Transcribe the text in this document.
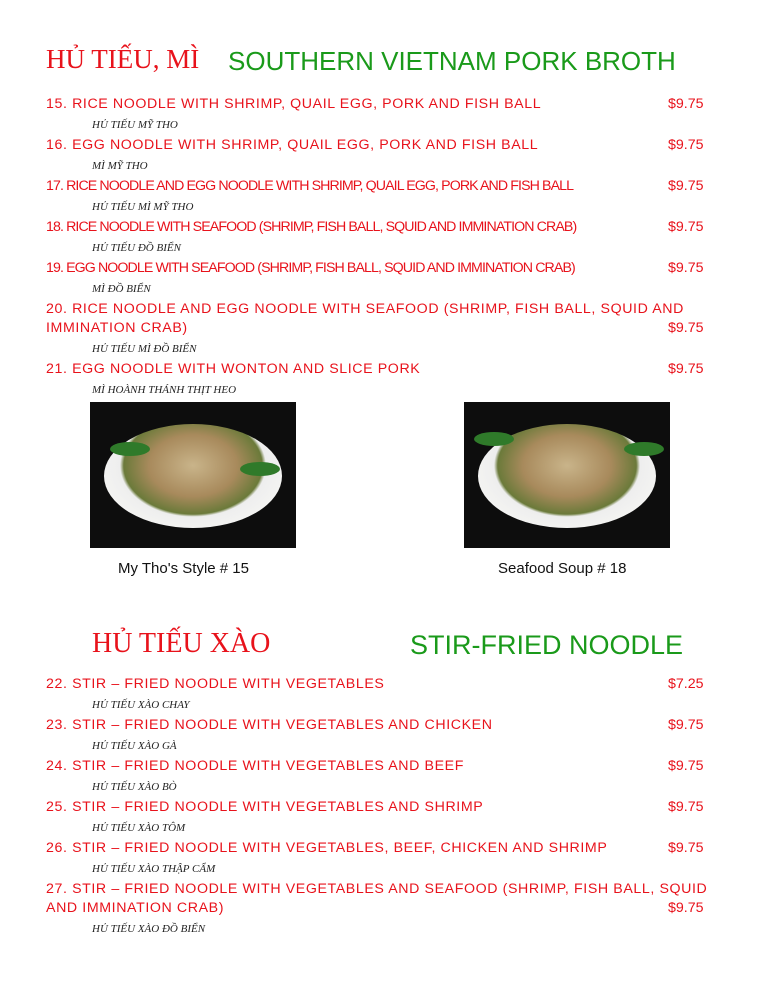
HỦ TIẾU, MÌ SOUTHERN VIETNAM PORK BROTH
15. RICE NOODLE WITH SHRIMP, QUAIL EGG, PORK AND FISH BALL	$9.75
HỦ TIẾU MỸ THO
16. EGG NOODLE WITH SHRIMP, QUAIL EGG, PORK AND FISH BALL	$9.75
MÌ MỸ THO
17. RICE NOODLE AND EGG NOODLE WITH SHRIMP, QUAIL EGG, PORK AND FISH BALL	$9.75
HỦ TIẾU MÌ MỸ THO
18. RICE NOODLE WITH SEAFOOD (SHRIMP, FISH BALL, SQUID AND IMMINATION CRAB)	$9.75
HỦ TIẾU ĐỒ BIỂN
19. EGG NOODLE WITH SEAFOOD (SHRIMP, FISH BALL, SQUID AND IMMINATION CRAB)	$9.75
MÌ ĐỒ BIỂN
20. RICE NOODLE AND EGG NOODLE WITH SEAFOOD (SHRIMP, FISH BALL, SQUID AND IMMINATION CRAB)	$9.75
HỦ TIẾU MÌ ĐỒ BIỂN
21. EGG NOODLE WITH WONTON AND SLICE PORK	$9.75
MÌ HOÀNH THÁNH THỊT HEO
My Tho's Style # 15	Seafood Soup # 18
HỦ TIẾU XÀO	STIR-FRIED NOODLE
22. STIR – FRIED NOODLE WITH VEGETABLES	$7.25
HỦ TIẾU XÀO CHAY
23. STIR – FRIED NOODLE WITH VEGETABLES AND CHICKEN	$9.75
HỦ TIẾU XÀO GÀ
24. STIR – FRIED NOODLE WITH VEGETABLES AND BEEF	$9.75
HỦ TIẾU XÀO BÒ
25. STIR – FRIED NOODLE WITH VEGETABLES AND SHRIMP	$9.75
HỦ TIẾU XÀO TÔM
26. STIR – FRIED NOODLE WITH VEGETABLES, BEEF, CHICKEN AND SHRIMP	$9.75
HỦ TIẾU XÀO THẬP CẨM
27. STIR – FRIED NOODLE WITH VEGETABLES AND SEAFOOD (SHRIMP, FISH BALL, SQUID AND IMMINATION CRAB)	$9.75
HỦ TIẾU XÀO ĐỒ BIỂN
